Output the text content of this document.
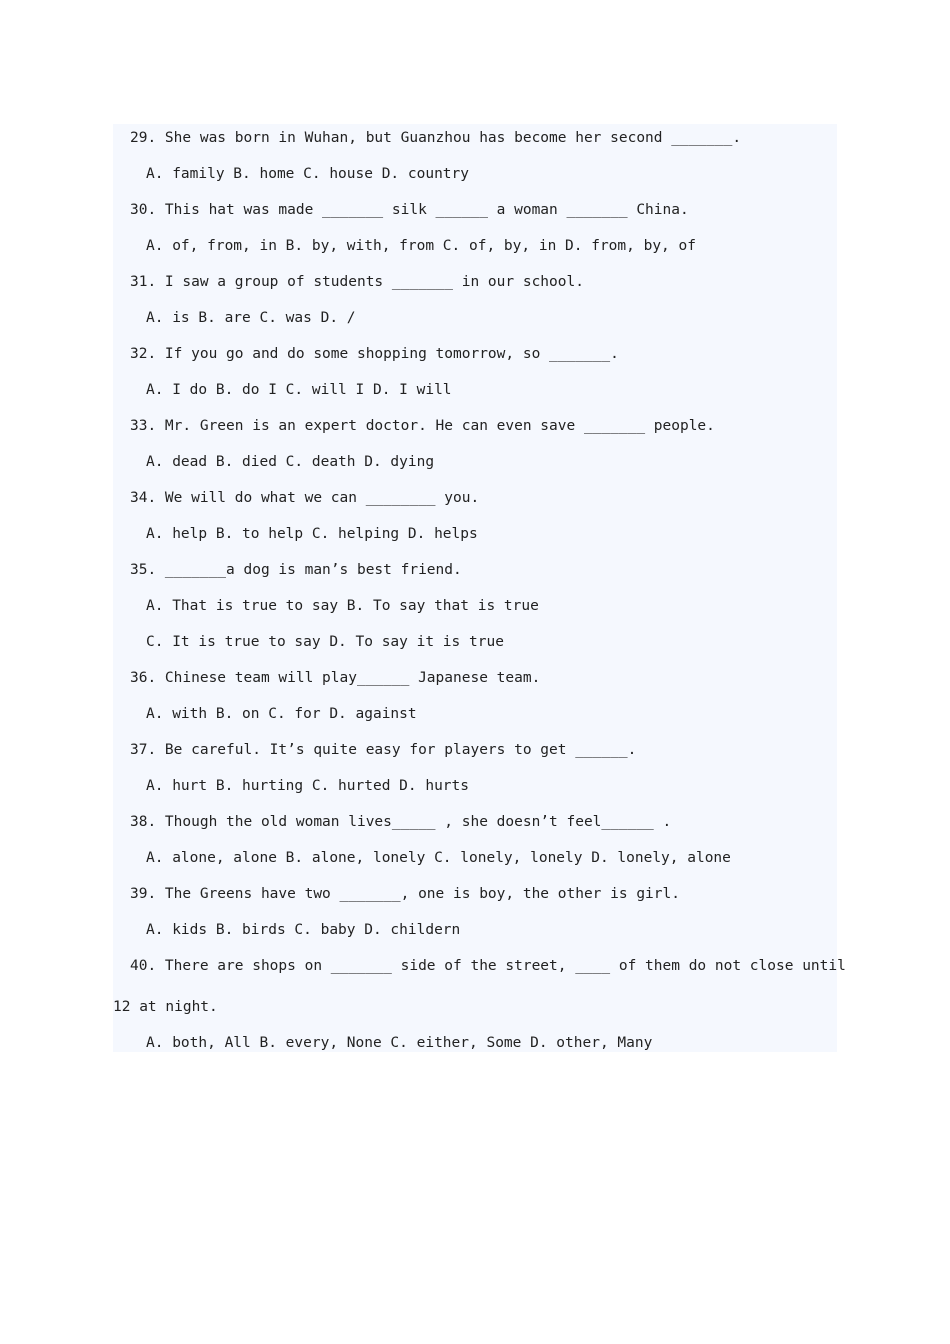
29. She was born in Wuhan, but Guanzhou has become her second _______.
A. family B. home C. house D. country
30. This hat was made _______ silk ______ a woman _______ China.
A. of, from, in B. by, with, from C. of, by, in D. from, by, of
31. I saw a group of students _______ in our school.
A. is B. are C. was D. /
32. If you go and do some shopping tomorrow, so _______.
A. I do B. do I C. will I D. I will
33. Mr. Green is an expert doctor. He can even save _______ people.
A. dead B. died C. death D. dying
34. We will do what we can ________ you.
A. help B. to help C. helping D. helps
35. _______a dog is man’s best friend.
A. That is true to say B. To say that is true
C. It is true to say D. To say it is true
36. Chinese team will play______ Japanese team.
A. with B. on C. for D. against
37. Be careful. It’s quite easy for players to get ______.
A. hurt B. hurting C. hurted D. hurts
38. Though the old woman lives_____ , she doesn’t feel______ .
A. alone, alone B. alone, lonely C. lonely, lonely D. lonely, alone
39. The Greens have two _______, one is boy, the other is girl.
A. kids B. birds C. baby D. childern
40. There are shops on _______ side of the street, ____ of them do not close until
12 at night.
A. both, All B. every, None C. either, Some D. other, Many
